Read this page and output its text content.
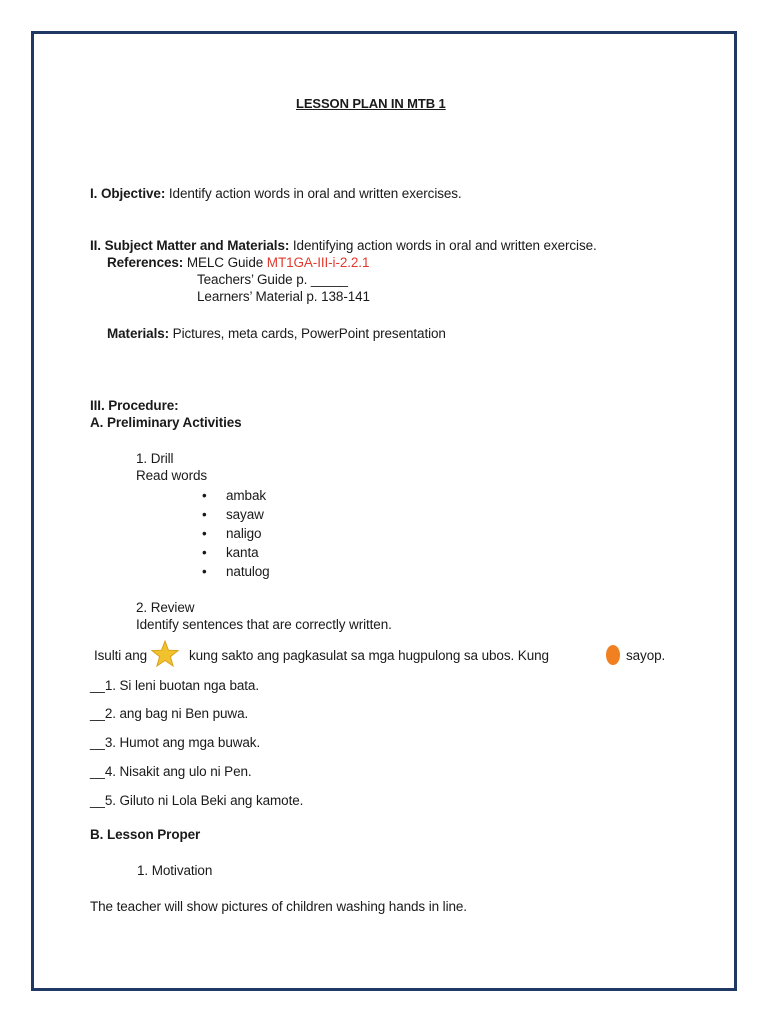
LESSON PLAN IN MTB 1
I. Objective: Identify action words in oral and written exercises.
II. Subject Matter and Materials: Identifying action words in oral and written exercise.
References: MELC Guide MT1GA-III-i-2.2.1
Teachers’ Guide p. _____
Learners’ Material p. 138-141
Materials: Pictures, meta cards, PowerPoint presentation
III. Procedure:
A. Preliminary Activities
1. Drill
Read words
• ambak
• sayaw
• naligo
• kanta
• natulog
2. Review
Identify sentences that are correctly written.
Isulti ang	kung sakto ang pagkasulat sa mga hugpulong sa ubos. Kung	sayop.
__1. Si leni buotan nga bata.
__2. ang bag ni Ben puwa.
__3. Humot ang mga buwak.
__4. Nisakit ang ulo ni Pen.
__5. Giluto ni Lola Beki ang kamote.
B. Lesson Proper
1. Motivation
The teacher will show pictures of children washing hands in line.
